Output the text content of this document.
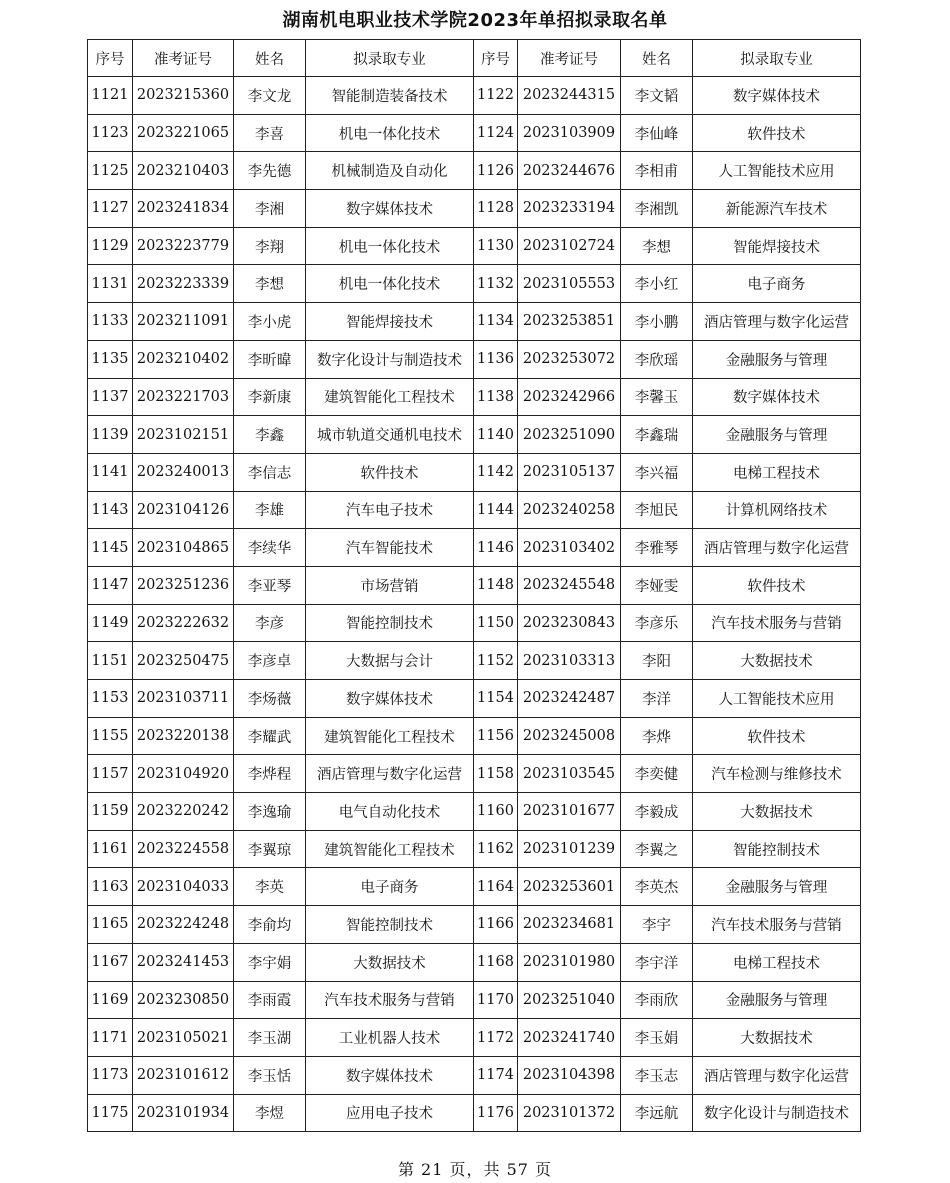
湖南机电职业技术学院2023年单招拟录取名单
序号	准考证号	姓名	拟录取专业	序号	准考证号	姓名	拟录取专业
1121	2023215360	李文龙	智能制造装备技术	1122	2023244315	李文韬	数字媒体技术
1123	2023221065	李喜	机电一体化技术	1124	2023103909	李仙峰	软件技术
1125	2023210403	李先德	机械制造及自动化	1126	2023244676	李相甫	人工智能技术应用
1127	2023241834	李湘	数字媒体技术	1128	2023233194	李湘凯	新能源汽车技术
1129	2023223779	李翔	机电一体化技术	1130	2023102724	李想	智能焊接技术
1131	2023223339	李想	机电一体化技术	1132	2023105553	李小红	电子商务
1133	2023211091	李小虎	智能焊接技术	1134	2023253851	李小鹏	酒店管理与数字化运营
1135	2023210402	李昕暐	数字化设计与制造技术	1136	2023253072	李欣瑶	金融服务与管理
1137	2023221703	李新康	建筑智能化工程技术	1138	2023242966	李馨玉	数字媒体技术
1139	2023102151	李鑫	城市轨道交通机电技术	1140	2023251090	李鑫瑞	金融服务与管理
1141	2023240013	李信志	软件技术	1142	2023105137	李兴福	电梯工程技术
1143	2023104126	李雄	汽车电子技术	1144	2023240258	李旭民	计算机网络技术
1145	2023104865	李续华	汽车智能技术	1146	2023103402	李雅琴	酒店管理与数字化运营
1147	2023251236	李亚琴	市场营销	1148	2023245548	李娅雯	软件技术
1149	2023222632	李彦	智能控制技术	1150	2023230843	李彦乐	汽车技术服务与营销
1151	2023250475	李彦卓	大数据与会计	1152	2023103313	李阳	大数据技术
1153	2023103711	李炀薇	数字媒体技术	1154	2023242487	李洋	人工智能技术应用
1155	2023220138	李耀武	建筑智能化工程技术	1156	2023245008	李烨	软件技术
1157	2023104920	李烨程	酒店管理与数字化运营	1158	2023103545	李奕健	汽车检测与维修技术
1159	2023220242	李逸瑜	电气自动化技术	1160	2023101677	李毅成	大数据技术
1161	2023224558	李翼琼	建筑智能化工程技术	1162	2023101239	李翼之	智能控制技术
1163	2023104033	李英	电子商务	1164	2023253601	李英杰	金融服务与管理
1165	2023224248	李俞均	智能控制技术	1166	2023234681	李宇	汽车技术服务与营销
1167	2023241453	李宇娟	大数据技术	1168	2023101980	李宇洋	电梯工程技术
1169	2023230850	李雨霞	汽车技术服务与营销	1170	2023251040	李雨欣	金融服务与管理
1171	2023105021	李玉湖	工业机器人技术	1172	2023241740	李玉娟	大数据技术
1173	2023101612	李玉恬	数字媒体技术	1174	2023104398	李玉志	酒店管理与数字化运营
1175	2023101934	李煜	应用电子技术	1176	2023101372	李远航	数字化设计与制造技术
第 21 页，共 57 页
